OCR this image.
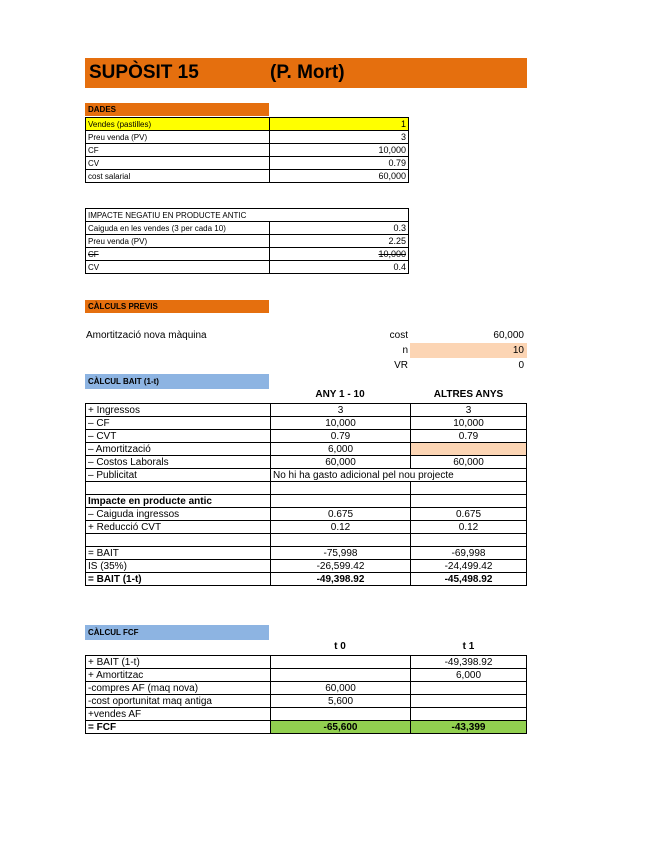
SUPÒSIT 15	(P. Mort)
DADES
Vendes (pastilles)	1
Preu venda (PV)	3
CF	10,000
CV	0.79
cost salarial	60,000
IMPACTE NEGATIU EN PRODUCTE ANTIC	
Caiguda en les vendes (3 per cada 10)	0.3
Preu venda (PV)	2.25
CF	10,000
CV	0.4
CÀLCULS PREVIS
Amortització nova màquina	cost	60,000
n	10
VR	0
CÀLCUL BAIT (1-t)
ANY 1 - 10	ALTRES ANYS
+ Ingressos	3	3
– CF	10,000	10,000
– CVT	0.79	0.79
– Amortització	6,000	
– Costos Laborals	60,000	60,000
– Publicitat	No hi ha gasto adicional pel nou projecte	

Impacte en producte antic		
– Caiguda ingressos	0.675	0.675
+ Reducció CVT	0.12	0.12

= BAIT	-75,998	-69,998
IS (35%)	-26,599.42	-24,499.42
= BAIT (1-t)	-49,398.92	-45,498.92
CÀLCUL FCF
t 0	t 1
+ BAIT (1-t)		-49,398.92
+ Amortitzac		6,000
-compres AF (maq nova)	60,000	
-cost oportunitat maq antiga	5,600	
+vendes AF		
= FCF	-65,600	-43,399
